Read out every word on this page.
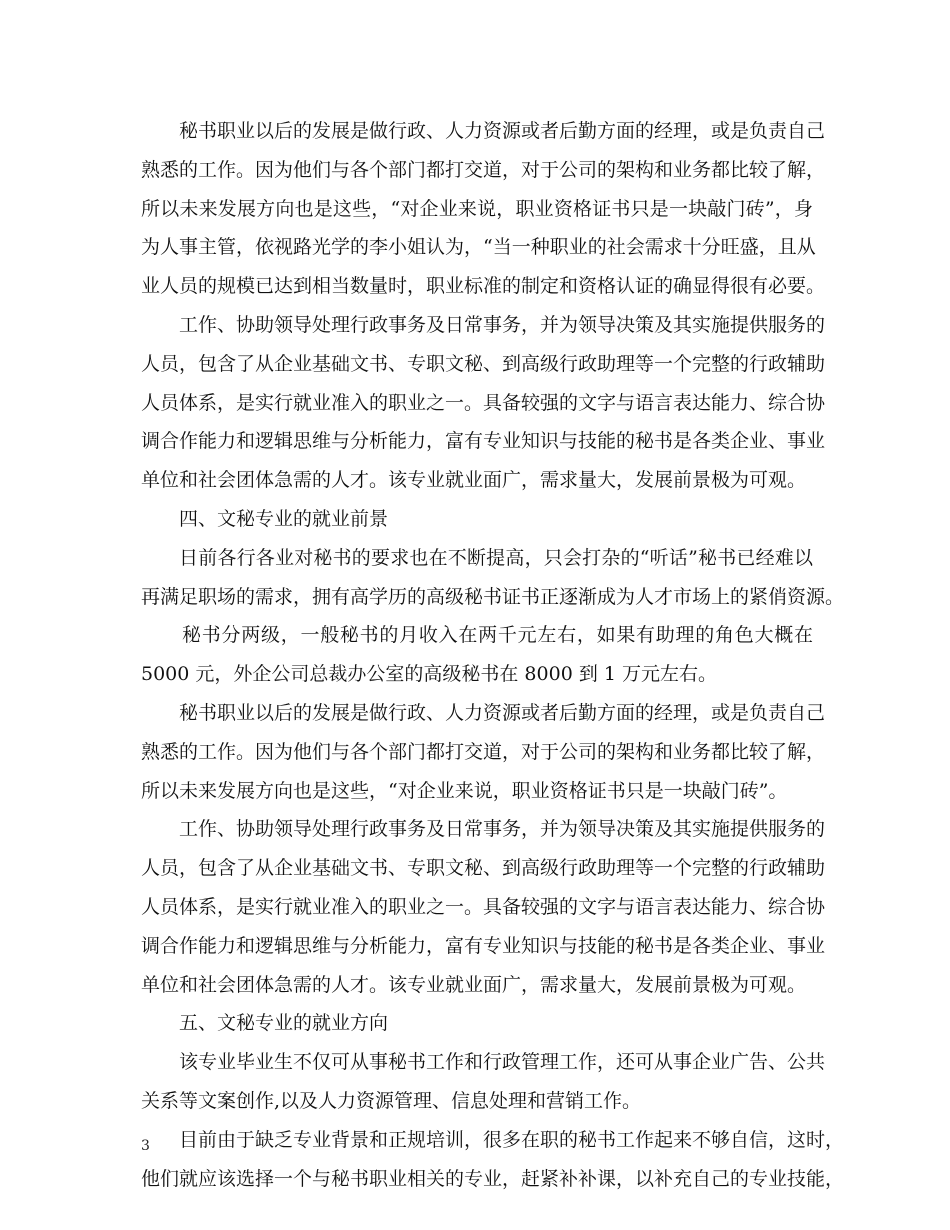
秘书职业以后的发展是做行政、人力资源或者后勤方面的经理，或是负责自己
熟悉的工作。因为他们与各个部门都打交道，对于公司的架构和业务都比较了解，
所以未来发展方向也是这些，“对企业来说，职业资格证书只是一块敲门砖”，身
为人事主管，依视路光学的李小姐认为，“当一种职业的社会需求十分旺盛，且从
业人员的规模已达到相当数量时，职业标准的制定和资格认证的确显得很有必要。
工作、协助领导处理行政事务及日常事务，并为领导决策及其实施提供服务的
人员，包含了从企业基础文书、专职文秘、到高级行政助理等一个完整的行政辅助
人员体系，是实行就业准入的职业之一。具备较强的文字与语言表达能力、综合协
调合作能力和逻辑思维与分析能力，富有专业知识与技能的秘书是各类企业、事业
单位和社会团体急需的人才。该专业就业面广，需求量大，发展前景极为可观。
四、文秘专业的就业前景
日前各行各业对秘书的要求也在不断提高，只会打杂的“听话”秘书已经难以
再满足职场的需求，拥有高学历的高级秘书证书正逐渐成为人才市场上的紧俏资源。
秘书分两级，一般秘书的月收入在两千元左右，如果有助理的角色大概在
5000 元，外企公司总裁办公室的高级秘书在 8000 到 1 万元左右。
秘书职业以后的发展是做行政、人力资源或者后勤方面的经理，或是负责自己
熟悉的工作。因为他们与各个部门都打交道，对于公司的架构和业务都比较了解，
所以未来发展方向也是这些，“对企业来说，职业资格证书只是一块敲门砖”。
工作、协助领导处理行政事务及日常事务，并为领导决策及其实施提供服务的
人员，包含了从企业基础文书、专职文秘、到高级行政助理等一个完整的行政辅助
人员体系，是实行就业准入的职业之一。具备较强的文字与语言表达能力、综合协
调合作能力和逻辑思维与分析能力，富有专业知识与技能的秘书是各类企业、事业
单位和社会团体急需的人才。该专业就业面广，需求量大，发展前景极为可观。
五、文秘专业的就业方向
该专业毕业生不仅可从事秘书工作和行政管理工作，还可从事企业广告、公共
关系等文案创作,以及人力资源管理、信息处理和营销工作。
目前由于缺乏专业背景和正规培训，很多在职的秘书工作起来不够自信，这时，
他们就应该选择一个与秘书职业相关的专业，赶紧补补课，以补充自己的专业技能，
3
